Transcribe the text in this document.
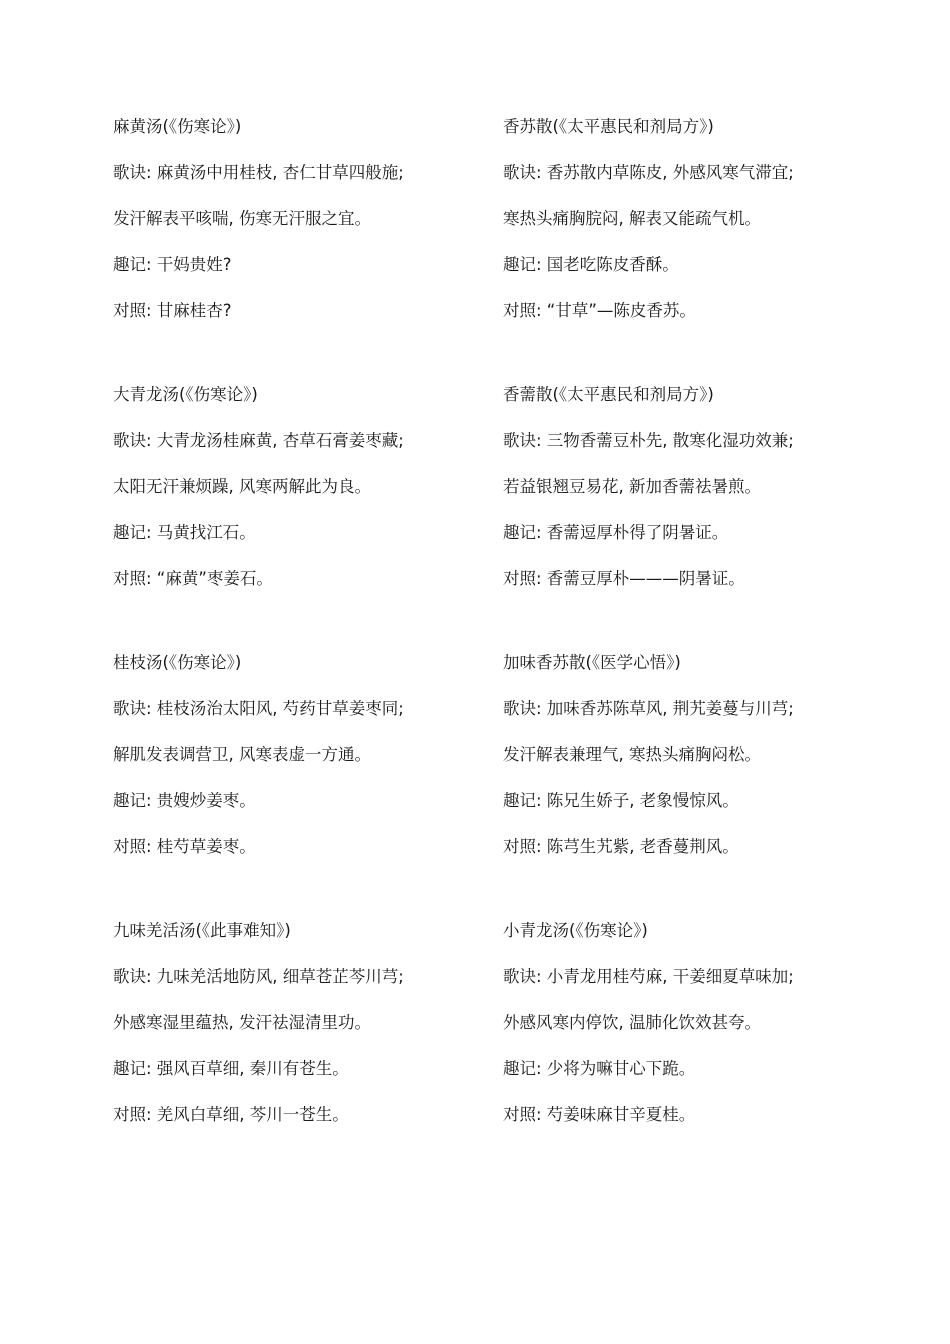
麻黄汤(《伤寒论》)
歌诀: 麻黄汤中用桂枝, 杏仁甘草四般施;
发汗解表平咳喘, 伤寒无汗服之宜。
趣记: 干妈贵姓?
对照: 甘麻桂杏?
大青龙汤(《伤寒论》)
歌诀: 大青龙汤桂麻黄, 杏草石膏姜枣藏;
太阳无汗兼烦躁, 风寒两解此为良。
趣记: 马黄找江石。
对照: “麻黄”枣姜石。
桂枝汤(《伤寒论》)
歌诀: 桂枝汤治太阳风, 芍药甘草姜枣同;
解肌发表调营卫, 风寒表虚一方通。
趣记: 贵嫂炒姜枣。
对照: 桂芍草姜枣。
九味羌活汤(《此事难知》)
歌诀: 九味羌活地防风, 细草苍芷芩川芎;
外感寒湿里蕴热, 发汗祛湿清里功。
趣记: 强风百草细, 秦川有苍生。
对照: 羌风白草细, 芩川一苍生。
香苏散(《太平惠民和剂局方》)
歌诀: 香苏散内草陈皮, 外感风寒气滞宜;
寒热头痛胸脘闷, 解表又能疏气机。
趣记: 国老吃陈皮香酥。
对照: “甘草”—陈皮香苏。
香薷散(《太平惠民和剂局方》)
歌诀: 三物香薷豆朴先, 散寒化湿功效兼;
若益银翘豆易花, 新加香薷祛暑煎。
趣记: 香薷逗厚朴得了阴暑证。
对照: 香薷豆厚朴———阴暑证。
加味香苏散(《医学心悟》)
歌诀: 加味香苏陈草风, 荆艽姜蔓与川芎;
发汗解表兼理气, 寒热头痛胸闷松。
趣记: 陈兄生娇子, 老象慢惊风。
对照: 陈芎生艽紫, 老香蔓荆风。
小青龙汤(《伤寒论》)
歌诀: 小青龙用桂芍麻, 干姜细夏草味加;
外感风寒内停饮, 温肺化饮效甚夸。
趣记: 少将为嘛甘心下跪。
对照: 芍姜味麻甘辛夏桂。
